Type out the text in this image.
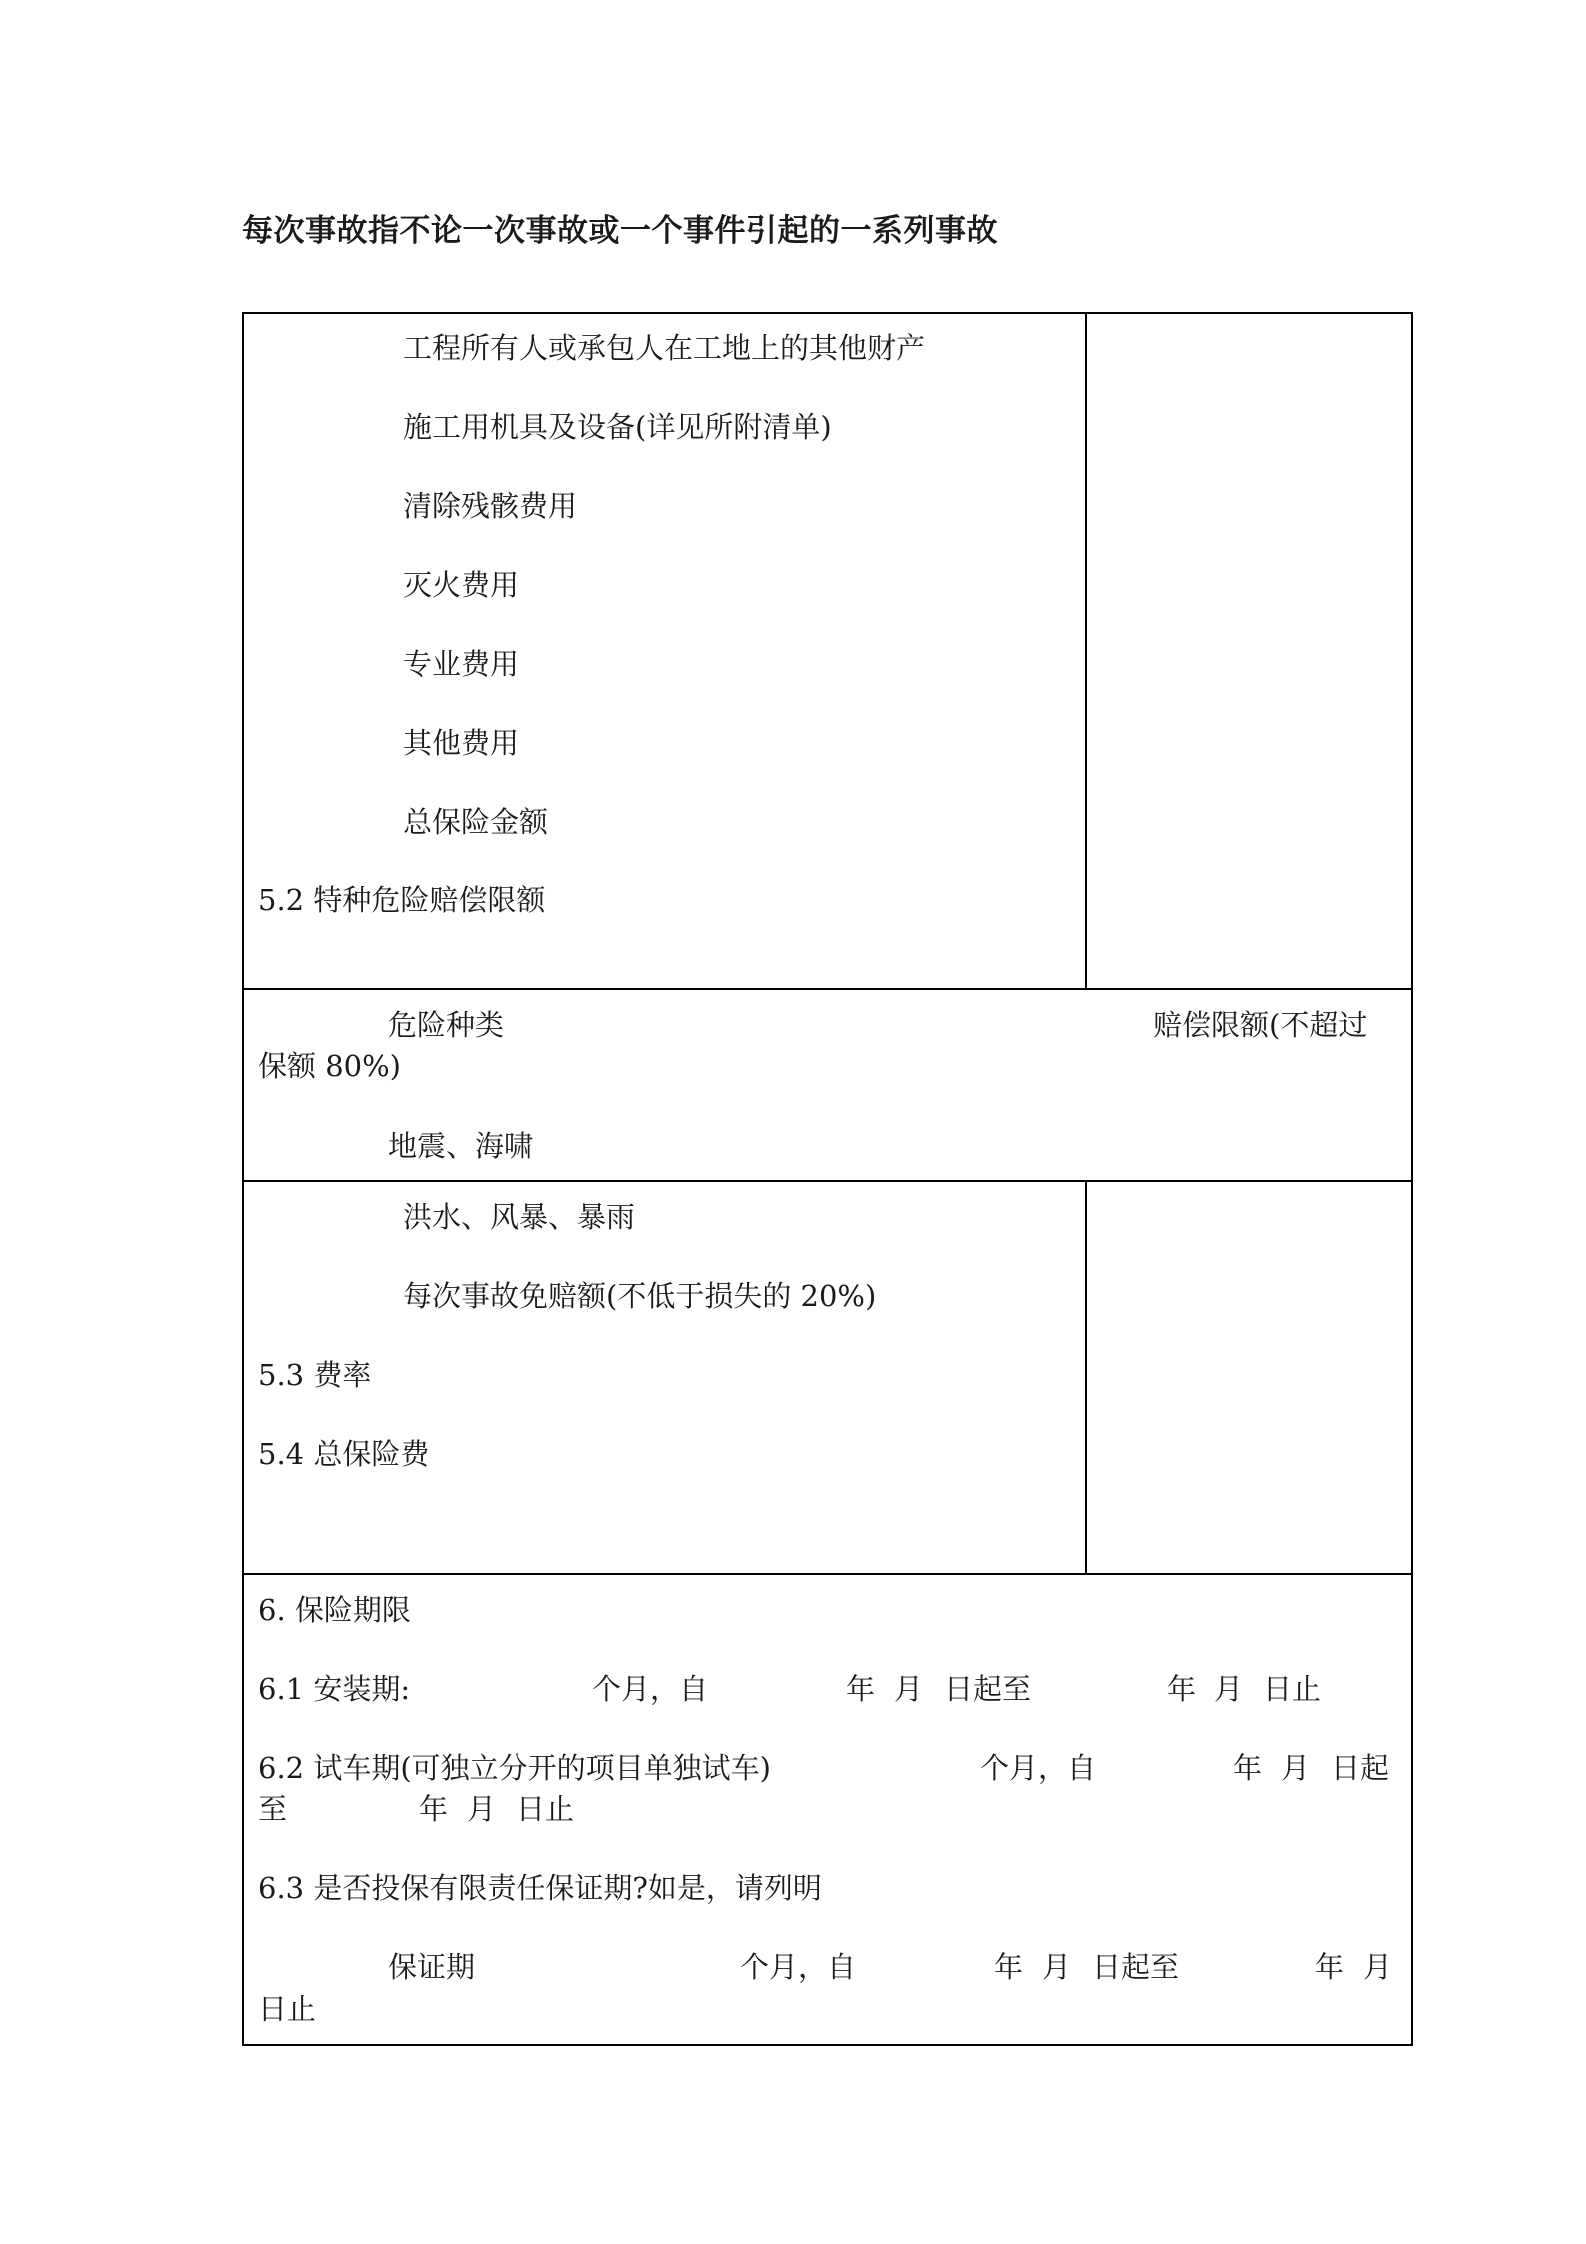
每次事故指不论一次事故或一个事件引起的一系列事故
工程所有人或承包人在工地上的其他财产
施工用机具及设备(详见所附清单)
清除残骸费用
灭火费用
专业费用
其他费用
总保险金额
5.2 特种危险赔偿限额
危险种类	赔偿限额(不超过
保额 80%)
地震、海啸
洪水、风暴、暴雨
每次事故免赔额(不低于损失的 20%)
5.3 费率
5.4 总保险费
6. 保险期限
6.1 安装期:	个月，自	年 月 日起至	年 月 日止
6.2 试车期(可独立分开的项目单独试车)	个月，自	年 月 日起
至	年 月 日止
6.3 是否投保有限责任保证期?如是，请列明
保证期	个月，自	年 月 日起至	年 月
日止
